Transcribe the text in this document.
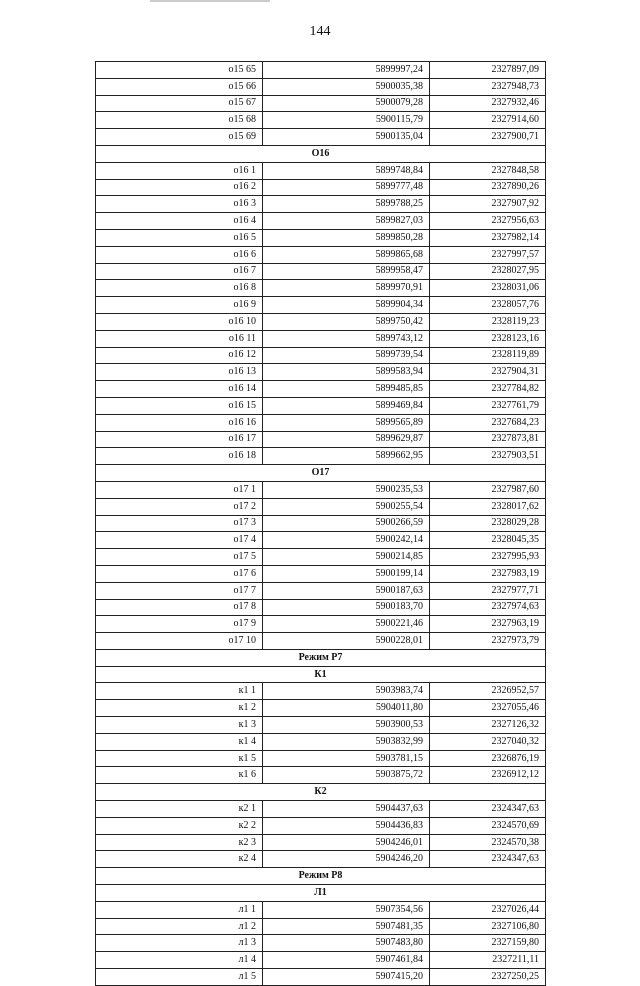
144
о15 65	5899997,24	2327897,09
о15 66	5900035,38	2327948,73
о15 67	5900079,28	2327932,46
о15 68	5900115,79	2327914,60
о15 69	5900135,04	2327900,71
О16		
о16 1	5899748,84	2327848,58
о16 2	5899777,48	2327890,26
о16 3	5899788,25	2327907,92
о16 4	5899827,03	2327956,63
о16 5	5899850,28	2327982,14
о16 6	5899865,68	2327997,57
о16 7	5899958,47	2328027,95
о16 8	5899970,91	2328031,06
о16 9	5899904,34	2328057,76
о16 10	5899750,42	2328119,23
о16 11	5899743,12	2328123,16
о16 12	5899739,54	2328119,89
о16 13	5899583,94	2327904,31
о16 14	5899485,85	2327784,82
о16 15	5899469,84	2327761,79
о16 16	5899565,89	2327684,23
о16 17	5899629,87	2327873,81
о16 18	5899662,95	2327903,51
О17		
о17 1	5900235,53	2327987,60
о17 2	5900255,54	2328017,62
о17 3	5900266,59	2328029,28
о17 4	5900242,14	2328045,35
о17 5	5900214,85	2327995,93
о17 6	5900199,14	2327983,19
о17 7	5900187,63	2327977,71
о17 8	5900183,70	2327974,63
о17 9	5900221,46	2327963,19
о17 10	5900228,01	2327973,79
Режим Р7		
К1		
к1 1	5903983,74	2326952,57
к1 2	5904011,80	2327055,46
к1 3	5903900,53	2327126,32
к1 4	5903832,99	2327040,32
к1 5	5903781,15	2326876,19
к1 6	5903875,72	2326912,12
К2		
к2 1	5904437,63	2324347,63
к2 2	5904436,83	2324570,69
к2 3	5904246,01	2324570,38
к2 4	5904246,20	2324347,63
Режим Р8		
Л1		
л1 1	5907354,56	2327026,44
л1 2	5907481,35	2327106,80
л1 3	5907483,80	2327159,80
л1 4	5907461,84	2327211,11
л1 5	5907415,20	2327250,25
